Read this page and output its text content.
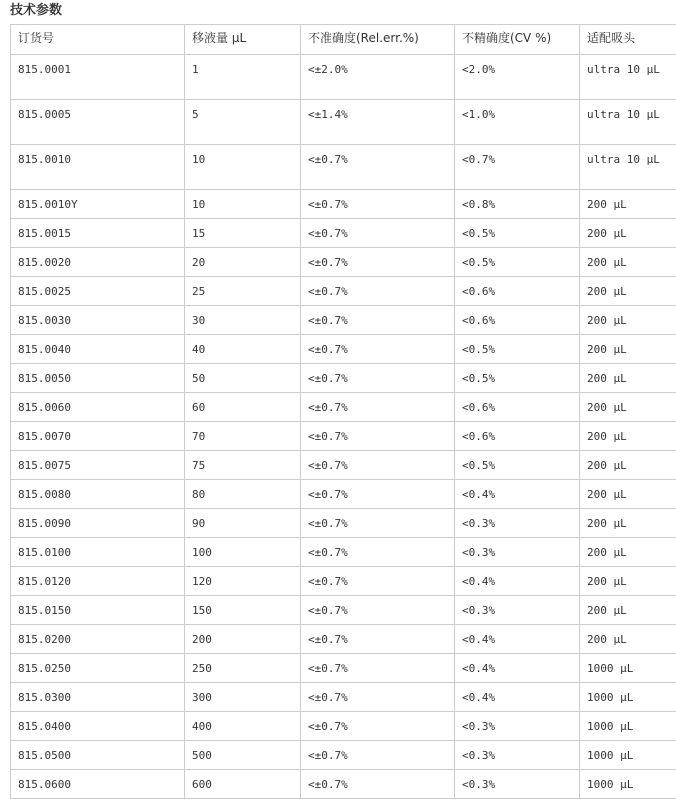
技术参数
订货号	移液量 μL	不准确度(Rel.err.%)	不精确度(CV %)	适配吸头
815.0001	1	<±2.0%	<2.0%	ultra 10 μL
815.0005	5	<±1.4%	<1.0%	ultra 10 μL
815.0010	10	<±0.7%	<0.7%	ultra 10 μL
815.0010Y	10	<±0.7%	<0.8%	200 μL
815.0015	15	<±0.7%	<0.5%	200 μL
815.0020	20	<±0.7%	<0.5%	200 μL
815.0025	25	<±0.7%	<0.6%	200 μL
815.0030	30	<±0.7%	<0.6%	200 μL
815.0040	40	<±0.7%	<0.5%	200 μL
815.0050	50	<±0.7%	<0.5%	200 μL
815.0060	60	<±0.7%	<0.6%	200 μL
815.0070	70	<±0.7%	<0.6%	200 μL
815.0075	75	<±0.7%	<0.5%	200 μL
815.0080	80	<±0.7%	<0.4%	200 μL
815.0090	90	<±0.7%	<0.3%	200 μL
815.0100	100	<±0.7%	<0.3%	200 μL
815.0120	120	<±0.7%	<0.4%	200 μL
815.0150	150	<±0.7%	<0.3%	200 μL
815.0200	200	<±0.7%	<0.4%	200 μL
815.0250	250	<±0.7%	<0.4%	1000 μL
815.0300	300	<±0.7%	<0.4%	1000 μL
815.0400	400	<±0.7%	<0.3%	1000 μL
815.0500	500	<±0.7%	<0.3%	1000 μL
815.0600	600	<±0.7%	<0.3%	1000 μL
